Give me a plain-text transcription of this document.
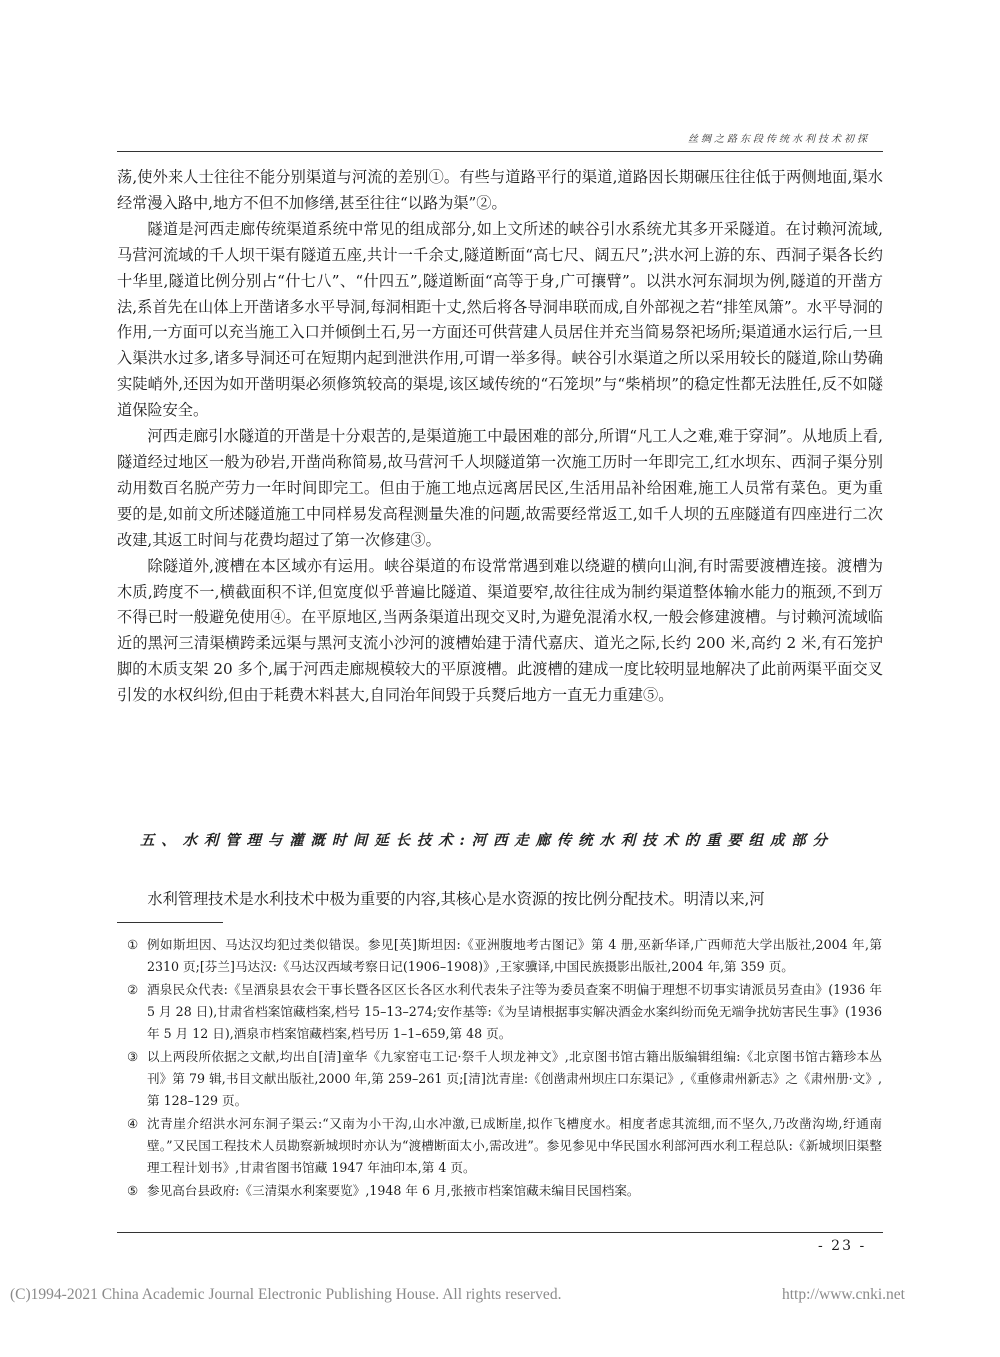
丝绸之路东段传统水利技术初探

荡,使外来人士往往不能分别渠道与河流的差别①。有些与道路平行的渠道,道路因长期碾压往往低于两侧地面,渠水经常漫入路中,地方不但不加修缮,甚至往往“以路为渠”②。

隧道是河西走廊传统渠道系统中常见的组成部分,如上文所述的峡谷引水系统尤其多开采隧道。在讨赖河流域,马营河流域的千人坝干渠有隧道五座,共计一千余丈,隧道断面“高七尺、阔五尺”;洪水河上游的东、西洞子渠各长约十华里,隧道比例分别占“什七八”、“什四五”,隧道断面“高等于身,广可攘臂”。以洪水河东洞坝为例,隧道的开凿方法,系首先在山体上开凿诸多水平导洞,每洞相距十丈,然后将各导洞串联而成,自外部视之若“排笙凤箫”。水平导洞的作用,一方面可以充当施工入口并倾倒土石,另一方面还可供营建人员居住并充当简易祭祀场所;渠道通水运行后,一旦入渠洪水过多,诸多导洞还可在短期内起到泄洪作用,可谓一举多得。峡谷引水渠道之所以采用较长的隧道,除山势确实陡峭外,还因为如开凿明渠必须修筑较高的渠堤,该区域传统的“石笼坝”与“柴梢坝”的稳定性都无法胜任,反不如隧道保险安全。

河西走廊引水隧道的开凿是十分艰苦的,是渠道施工中最困难的部分,所谓“凡工人之难,难于穿洞”。从地质上看,隧道经过地区一般为砂岩,开凿尚称简易,故马营河千人坝隧道第一次施工历时一年即完工,红水坝东、西洞子渠分别动用数百名脱产劳力一年时间即完工。但由于施工地点远离居民区,生活用品补给困难,施工人员常有菜色。更为重要的是,如前文所述隧道施工中同样易发高程测量失准的问题,故需要经常返工,如千人坝的五座隧道有四座进行二次改建,其返工时间与花费均超过了第一次修建③。

除隧道外,渡槽在本区域亦有运用。峡谷渠道的布设常常遇到难以绕避的横向山涧,有时需要渡槽连接。渡槽为木质,跨度不一,横截面积不详,但宽度似乎普遍比隧道、渠道要窄,故往往成为制约渠道整体输水能力的瓶颈,不到万不得已时一般避免使用④。在平原地区,当两条渠道出现交叉时,为避免混淆水权,一般会修建渡槽。与讨赖河流域临近的黑河三清渠横跨柔远渠与黑河支流小沙河的渡槽始建于清代嘉庆、道光之际,长约 200 米,高约 2 米,有石笼护脚的木质支架 20 多个,属于河西走廊规模较大的平原渡槽。此渡槽的建成一度比较明显地解决了此前两渠平面交叉引发的水权纠纷,但由于耗费木料甚大,自同治年间毁于兵燹后地方一直无力重建⑤。

五、水利管理与灌溉时间延长技术:河西走廊传统水利技术的重要组成部分
水利管理技术是水利技术中极为重要的内容,其核心是水资源的按比例分配技术。明清以来,河
① 例如斯坦因、马达汉均犯过类似错误。参见[英]斯坦因:《亚洲腹地考古图记》第 4 册,巫新华译,广西师范大学出版社,2004 年,第 2310 页;[芬兰]马达汉:《马达汉西域考察日记(1906–1908)》,王家骥译,中国民族摄影出版社,2004 年,第 359 页。
② 酒泉民众代表:《呈酒泉县农会干事长暨各区区长各区水利代表朱子注等为委员查案不明偏于理想不切事实请派员另查由》(1936 年 5 月 28 日),甘肃省档案馆藏档案,档号 15–13–274;安作基等:《为呈请根据事实解决酒金水案纠纷而免无端争扰妨害民生事》(1936 年 5 月 12 日),酒泉市档案馆藏档案,档号历 1–1–659,第 48 页。
③ 以上两段所依据之文献,均出自[清]童华《九家窑屯工记·祭千人坝龙神文》,北京图书馆古籍出版编辑组编:《北京图书馆古籍珍本丛刊》第 79 辑,书目文献出版社,2000 年,第 259–261 页;[清]沈青崖:《创凿肃州坝庄口东渠记》,《重修肃州新志》之《肃州册·文》,第 128–129 页。
④ 沈青崖介绍洪水河东洞子渠云:“又南为小干沟,山水冲激,已成断崖,拟作飞槽度水。相度者虑其流细,而不坚久,乃改凿沟坳,纡通南壁。”又民国工程技术人员勘察新城坝时亦认为“渡槽断面太小,需改进”。参见参见中华民国水利部河西水利工程总队:《新城坝旧渠整理工程计划书》,甘肃省图书馆藏 1947 年油印本,第 4 页。
⑤ 参见高台县政府:《三清渠水利案要览》,1948 年 6 月,张掖市档案馆藏未编目民国档案。
- 23 -
(C)1994-2021 China Academic Journal Electronic Publishing House. All rights reserved.	http://www.cnki.net
